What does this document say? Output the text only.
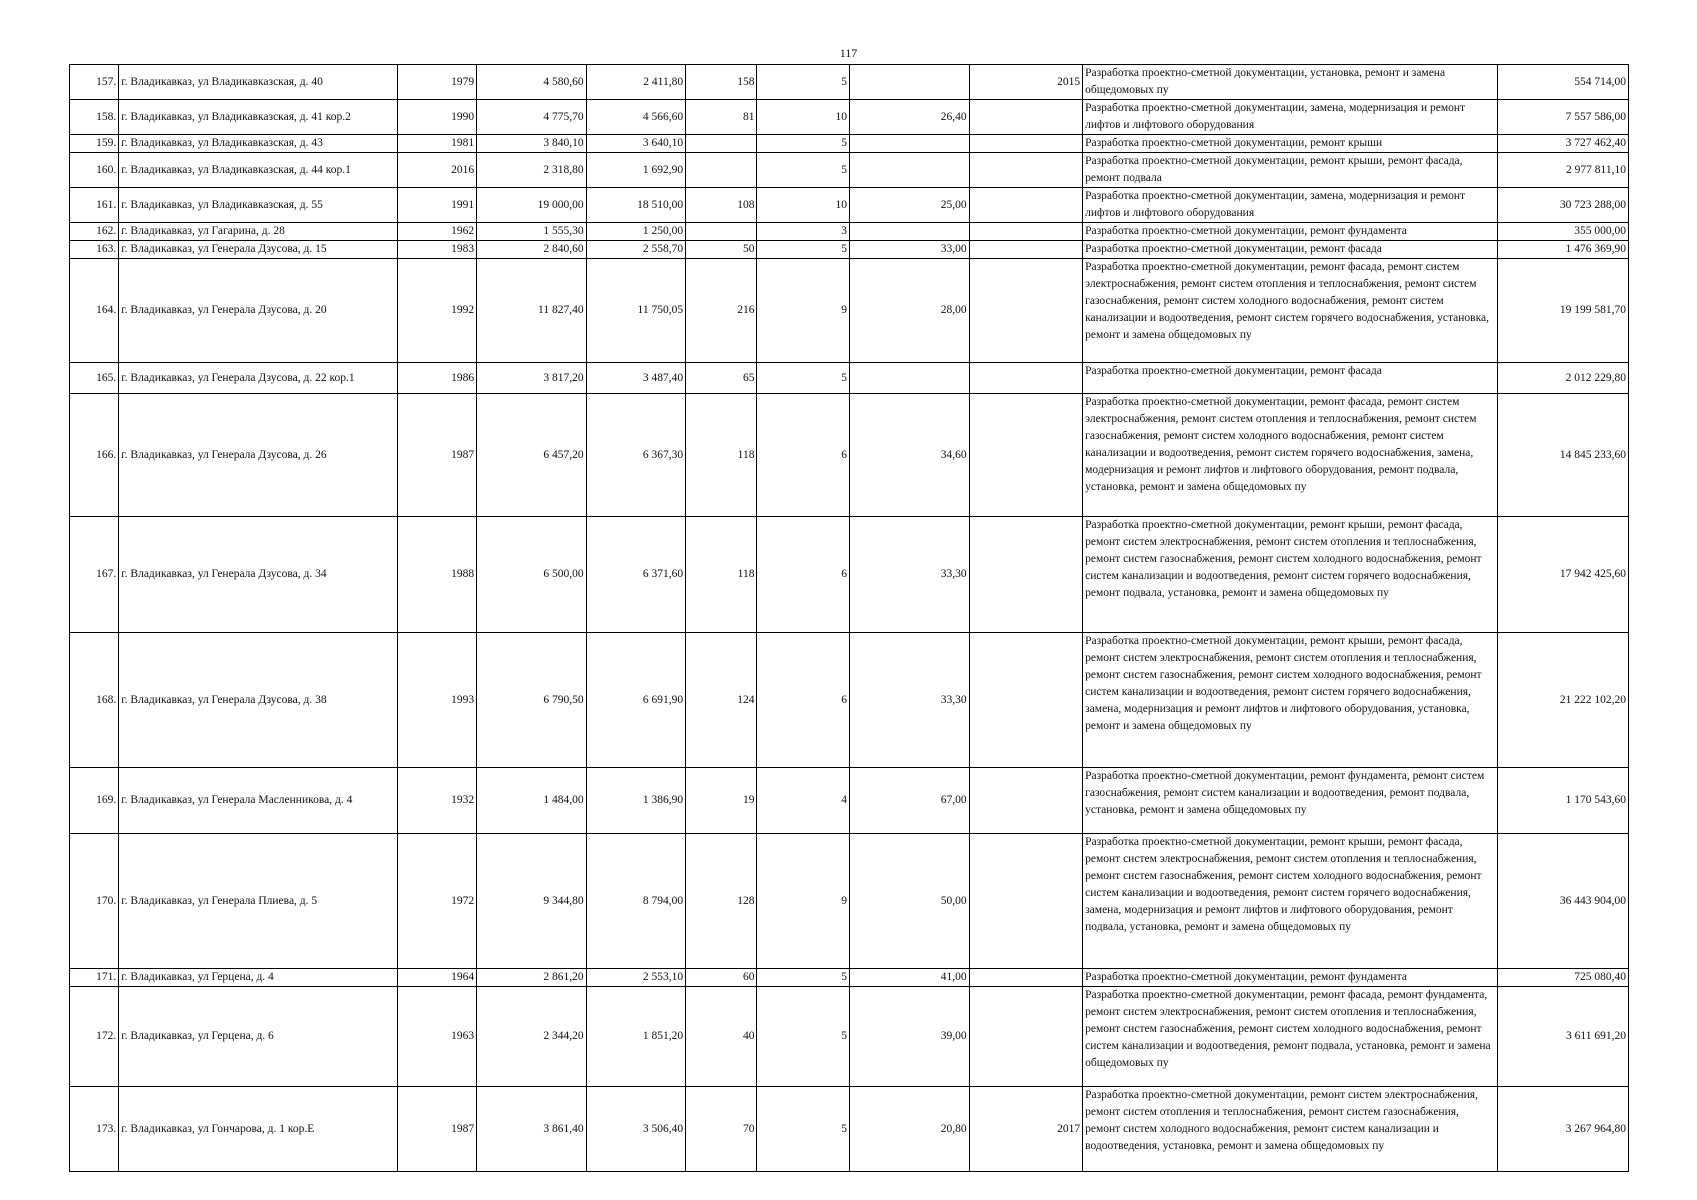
117
157.	г. Владикавказ, ул Владикавказская, д. 40	1979	4 580,60	2 411,80	158	5		2015	Разработка проектно-сметной документации, установка, ремонт и замена общедомовых пу	554 714,00
158.	г. Владикавказ, ул Владикавказская, д. 41 кор.2	1990	4 775,70	4 566,60	81	10	26,40		Разработка проектно-сметной документации, замена, модернизация и ремонт лифтов и лифтового оборудования	7 557 586,00
159.	г. Владикавказ, ул Владикавказская, д. 43	1981	3 840,10	3 640,10		5			Разработка проектно-сметной документации, ремонт крыши	3 727 462,40
160.	г. Владикавказ, ул Владикавказская, д. 44 кор.1	2016	2 318,80	1 692,90		5			Разработка проектно-сметной документации, ремонт крыши, ремонт фасада, ремонт подвала	2 977 811,10
161.	г. Владикавказ, ул Владикавказская, д. 55	1991	19 000,00	18 510,00	108	10	25,00		Разработка проектно-сметной документации, замена, модернизация и ремонт лифтов и лифтового оборудования	30 723 288,00
162.	г. Владикавказ, ул Гагарина, д. 28	1962	1 555,30	1 250,00		3			Разработка проектно-сметной документации, ремонт фундамента	355 000,00
163.	г. Владикавказ, ул Генерала Дзусова, д. 15	1983	2 840,60	2 558,70	50	5	33,00		Разработка проектно-сметной документации, ремонт фасада	1 476 369,90
164.	г. Владикавказ, ул Генерала Дзусова, д. 20	1992	11 827,40	11 750,05	216	9	28,00		Разработка проектно-сметной документации, ремонт фасада, ремонт систем электроснабжения, ремонт систем отопления и теплоснабжения, ремонт систем газоснабжения, ремонт систем холодного водоснабжения, ремонт систем канализации и водоотведения, ремонт систем горячего водоснабжения, установка, ремонт и замена общедомовых пу	19 199 581,70
165.	г. Владикавказ, ул Генерала Дзусова, д. 22 кор.1	1986	3 817,20	3 487,40	65	5			Разработка проектно-сметной документации, ремонт фасада	2 012 229,80
166.	г. Владикавказ, ул Генерала Дзусова, д. 26	1987	6 457,20	6 367,30	118	6	34,60		Разработка проектно-сметной документации, ремонт фасада, ремонт систем электроснабжения, ремонт систем отопления и теплоснабжения, ремонт систем газоснабжения, ремонт систем холодного водоснабжения, ремонт систем канализации и водоотведения, ремонт систем горячего водоснабжения, замена, модернизация и ремонт лифтов и лифтового оборудования, ремонт подвала, установка, ремонт и замена общедомовых пу	14 845 233,60
167.	г. Владикавказ, ул Генерала Дзусова, д. 34	1988	6 500,00	6 371,60	118	6	33,30		Разработка проектно-сметной документации, ремонт крыши, ремонт фасада, ремонт систем электроснабжения, ремонт систем отопления и теплоснабжения, ремонт систем газоснабжения, ремонт систем холодного водоснабжения, ремонт систем канализации и водоотведения, ремонт систем горячего водоснабжения, ремонт подвала, установка, ремонт и замена общедомовых пу	17 942 425,60
168.	г. Владикавказ, ул Генерала Дзусова, д. 38	1993	6 790,50	6 691,90	124	6	33,30		Разработка проектно-сметной документации, ремонт крыши, ремонт фасада, ремонт систем электроснабжения, ремонт систем отопления и теплоснабжения, ремонт систем газоснабжения, ремонт систем холодного водоснабжения, ремонт систем канализации и водоотведения, ремонт систем горячего водоснабжения, замена, модернизация и ремонт лифтов и лифтового оборудования, установка, ремонт и замена общедомовых пу	21 222 102,20
169.	г. Владикавказ, ул Генерала Масленникова, д. 4	1932	1 484,00	1 386,90	19	4	67,00		Разработка проектно-сметной документации, ремонт фундамента, ремонт систем газоснабжения, ремонт систем канализации и водоотведения, ремонт подвала, установка, ремонт и замена общедомовых пу	1 170 543,60
170.	г. Владикавказ, ул Генерала Плиева, д. 5	1972	9 344,80	8 794,00	128	9	50,00		Разработка проектно-сметной документации, ремонт крыши, ремонт фасада, ремонт систем электроснабжения, ремонт систем отопления и теплоснабжения, ремонт систем газоснабжения, ремонт систем холодного водоснабжения, ремонт систем канализации и водоотведения, ремонт систем горячего водоснабжения, замена, модернизация и ремонт лифтов и лифтового оборудования, ремонт подвала, установка, ремонт и замена общедомовых пу	36 443 904,00
171.	г. Владикавказ, ул Герцена, д. 4	1964	2 861,20	2 553,10	60	5	41,00		Разработка проектно-сметной документации, ремонт фундамента	725 080,40
172.	г. Владикавказ, ул Герцена, д. 6	1963	2 344,20	1 851,20	40	5	39,00		Разработка проектно-сметной документации, ремонт фасада, ремонт фундамента, ремонт систем электроснабжения, ремонт систем отопления и теплоснабжения, ремонт систем газоснабжения, ремонт систем холодного водоснабжения, ремонт систем канализации и водоотведения, ремонт подвала, установка, ремонт и замена общедомовых пу	3 611 691,20
173.	г. Владикавказ, ул Гончарова, д. 1 кор.Е	1987	3 861,40	3 506,40	70	5	20,80	2017	Разработка проектно-сметной документации, ремонт систем электроснабжения, ремонт систем отопления и теплоснабжения, ремонт систем газоснабжения, ремонт систем холодного водоснабжения, ремонт систем канализации и водоотведения, установка, ремонт и замена общедомовых пу	3 267 964,80
